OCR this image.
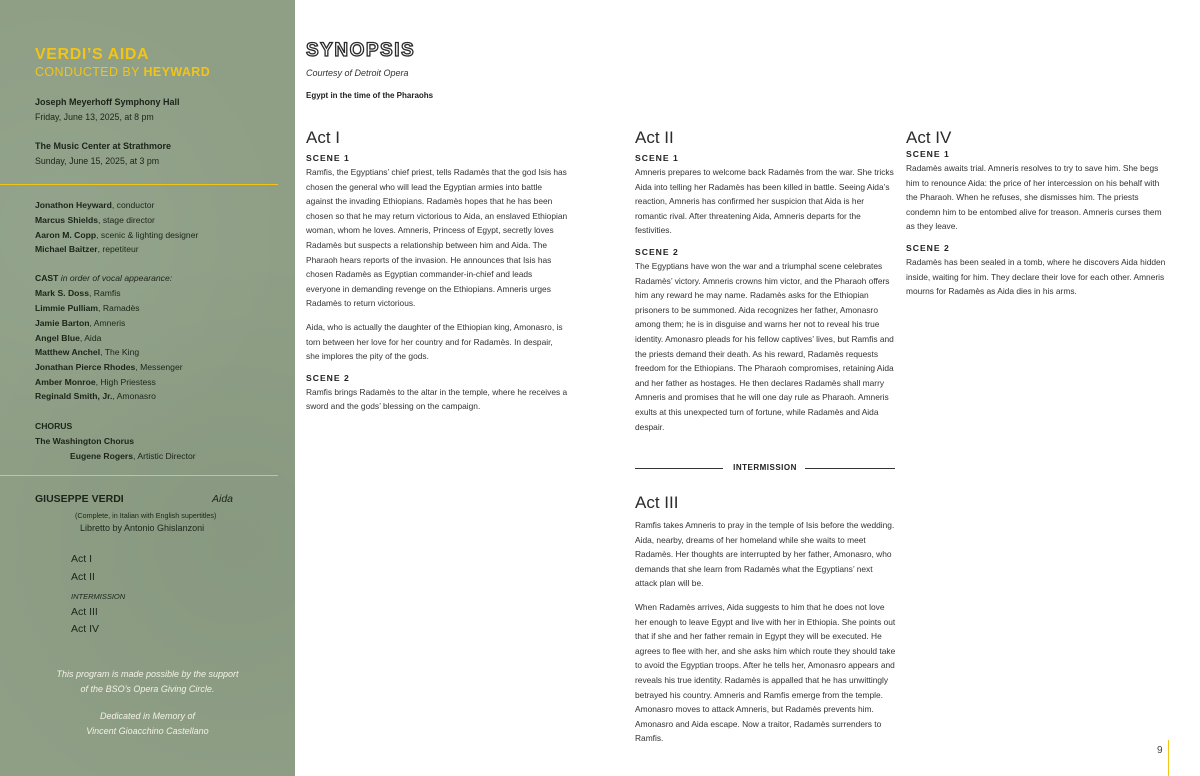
VERDI’S AIDA
CONDUCTED BY HEYWARD
Joseph Meyerhoff Symphony Hall
Friday, June 13, 2025, at 8 pm
The Music Center at Strathmore
Sunday, June 15, 2025, at 3 pm
Jonathon Heyward, conductor
Marcus Shields, stage director
Aaron M. Copp, scenic & lighting designer
Michael Baitzer, repetiteur
CAST in order of vocal appearance:
Mark S. Doss, Ramfis
Limmie Pulliam, Ramadès
Jamie Barton, Amneris
Angel Blue, Aida
Matthew Anchel, The King
Jonathan Pierce Rhodes, Messenger
Amber Monroe, High Priestess
Reginald Smith, Jr., Amonasro
CHORUS
The Washington Chorus
Eugene Rogers, Artistic Director
GIUSEPPE VERDI	Aida
(Complete, in Italian with English supertitles)
Libretto by Antonio Ghislanzoni
Act I
Act II
INTERMISSION
Act III
Act IV
This program is made possible by the support
of the BSO’s Opera Giving Circle.
Dedicated in Memory of
Vincent Gioacchino Castellano
SYNOPSIS
Courtesy of Detroit Opera
Egypt in the time of the Pharaohs
Act I
SCENE 1
Ramfis, the Egyptians’ chief priest, tells Radamès that the god Isis has chosen the general who will lead the Egyptian armies into battle against the invading Ethiopians. Radamès hopes that he has been chosen so that he may return victorious to Aida, an enslaved Ethiopian woman, whom he loves. Amneris, Princess of Egypt, secretly loves Radamès but suspects a relationship between him and Aida. The Pharaoh hears reports of the invasion. He announces that Isis has chosen Radamès as Egyptian commander-in-chief and leads everyone in demanding revenge on the Ethiopians. Amneris urges Radamès to return victorious.
Aida, who is actually the daughter of the Ethiopian king, Amonasro, is torn between her love for her country and for Radamès. In despair, she implores the pity of the gods.
SCENE 2
Ramfis brings Radamès to the altar in the temple, where he receives a sword and the gods’ blessing on the campaign.
Act II
SCENE 1
Amneris prepares to welcome back Radamès from the war. She tricks Aida into telling her Radamès has been killed in battle. Seeing Aida’s reaction, Amneris has confirmed her suspicion that Aida is her romantic rival. After threatening Aida, Amneris departs for the festivities.
SCENE 2
The Egyptians have won the war and a triumphal scene celebrates Radamès’ victory. Amneris crowns him victor, and the Pharaoh offers him any reward he may name. Radamès asks for the Ethiopian prisoners to be summoned. Aida recognizes her father, Amonasro among them; he is in disguise and warns her not to reveal his true identity. Amonasro pleads for his fellow captives’ lives, but Ramfis and the priests demand their death. As his reward, Radamès requests freedom for the Ethiopians. The Pharaoh compromises, retaining Aida and her father as hostages. He then declares Radamès shall marry Amneris and promises that he will one day rule as Pharaoh. Amneris exults at this unexpected turn of fortune, while Radamès and Aida despair.
INTERMISSION
Act III
Ramfis takes Amneris to pray in the temple of Isis before the wedding. Aida, nearby, dreams of her homeland while she waits to meet Radamès. Her thoughts are interrupted by her father, Amonasro, who demands that she learn from Radamès what the Egyptians’ next attack plan will be.
When Radamès arrives, Aida suggests to him that he does not love her enough to leave Egypt and live with her in Ethiopia. She points out that if she and her father remain in Egypt they will be executed. He agrees to flee with her, and she asks him which route they should take to avoid the Egyptian troops. After he tells her, Amonasro appears and reveals his true identity. Radamès is appalled that he has unwittingly betrayed his country. Amneris and Ramfis emerge from the temple. Amonasro moves to attack Amneris, but Radamès prevents him. Amonasro and Aida escape. Now a traitor, Radamès surrenders to Ramfis.
Act IV
SCENE 1
Radamès awaits trial. Amneris resolves to try to save him. She begs him to renounce Aida: the price of her intercession on his behalf with the Pharaoh. When he refuses, she dismisses him. The priests condemn him to be entombed alive for treason. Amneris curses them as they leave.
SCENE 2
Radamès has been sealed in a tomb, where he discovers Aida hidden inside, waiting for him. They declare their love for each other. Amneris mourns for Radamès as Aida dies in his arms.
9
